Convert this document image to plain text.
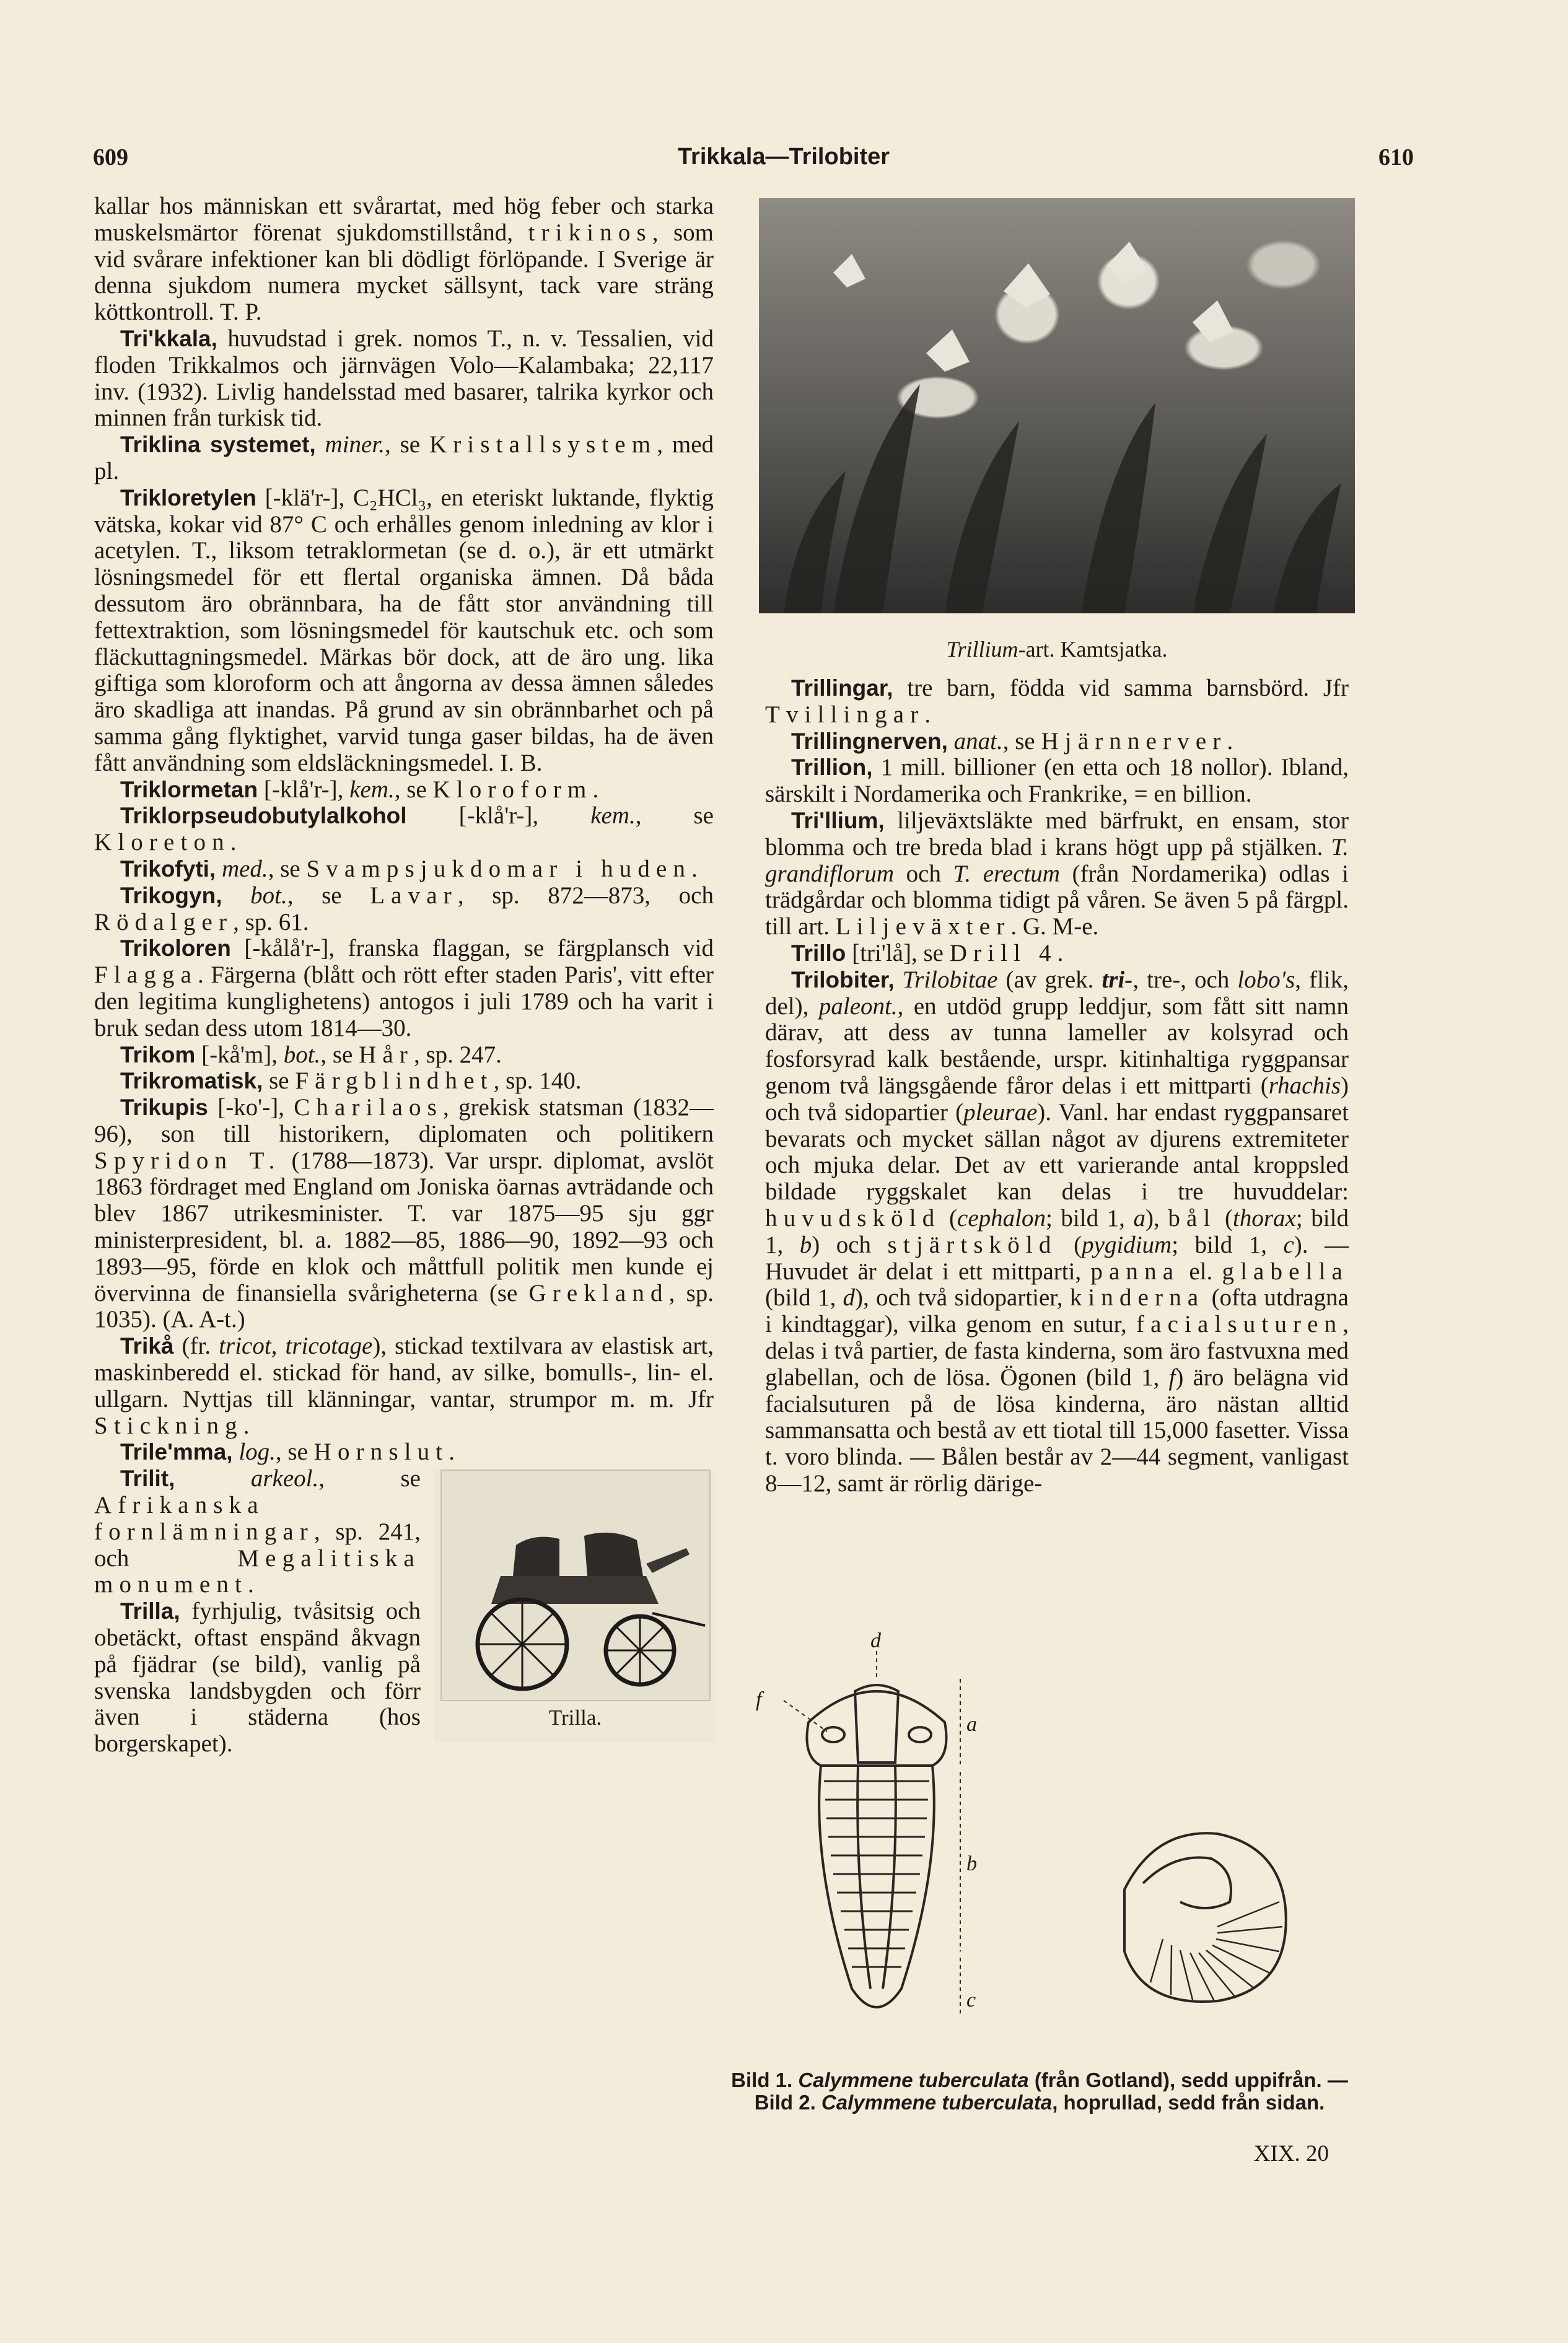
609	Trikkala—Trilobiter	610

kallar hos människan ett svårartat, med hög feber och starka muskelsmärtor förenat sjukdomstillstånd, trikinos, som vid svårare infektioner kan bli dödligt förlöpande. I Sverige är denna sjukdom numera mycket sällsynt, tack vare sträng köttkontroll. T. P.

Tri'kkala, huvudstad i grek. nomos T., n. v. Tessalien, vid floden Trikkalmos och järnvägen Volo—Kalambaka; 22,117 inv. (1932). Livlig handelsstad med basarer, talrika kyrkor och minnen från turkisk tid.

Triklina systemet, miner., se Kristallsystem, med pl.

Trikloretylen [-klä'r-], C₂HCl₃, en eteriskt luktande, flyktig vätska, kokar vid 87° C och erhålles genom inledning av klor i acetylen. T., liksom tetraklormetan (se d. o.), är ett utmärkt lösningsmedel för ett flertal organiska ämnen. Då båda dessutom äro obrännbara, ha de fått stor användning till fettextraktion, som lösningsmedel för kautschuk etc. och som fläckuttagningsmedel. Märkas bör dock, att de äro ung. lika giftiga som kloroform och att ångorna av dessa ämnen således äro skadliga att inandas. På grund av sin obrännbarhet och på samma gång flyktighet, varvid tunga gaser bildas, ha de även fått användning som eldsläckningsmedel. I. B.

Triklormetan [-klå'r-], kem., se Kloroform.

Triklorpseudobutylalkohol [-klå'r-], kem., se Kloreton.

Trikofyti, med., se Svampsjukdomar i huden.

Trikogyn, bot., se Lavar, sp. 872—873, och Rödalger, sp. 61.

Trikoloren [-kålå'r-], franska flaggan, se färgplansch vid Flagga. Färgerna (blått och rött efter staden Paris', vitt efter den legitima kunglighetens) antogos i juli 1789 och ha varit i bruk sedan dess utom 1814—30.

Trikom [-kå'm], bot., se Hår, sp. 247.

Trikromatisk, se Färgblindhet, sp. 140.

Trikupis [-ko'-], Charilaos, grekisk statsman (1832—96), son till historikern, diplomaten och politikern Spyridon T. (1788—1873). Var urspr. diplomat, avslöt 1863 fördraget med England om Joniska öarnas avträdande och blev 1867 utrikesminister. T. var 1875—95 sju ggr ministerpresident, bl. a. 1882—85, 1886—90, 1892—93 och 1893—95, förde en klok och måttfull politik men kunde ej övervinna de finansiella svårigheterna (se Grekland, sp. 1035). (A. A-t.)

Trikå (fr. tricot, tricotage), stickad textilvara av elastisk art, maskinberedd el. stickad för hand, av silke, bomulls-, lin- el. ullgarn. Nyttjas till klänningar, vantar, strumpor m. m. Jfr Stickning.

Trile'mma, log., se Hornslut.

Trilla.

Trilit, arkeol., se Afrikanska fornlämningar, sp. 241, och Megalitiska monument.

Trilla, fyrhjulig, tvåsitsig och obetäckt, oftast enspänd åkvagn på fjädrar (se bild), vanlig på svenska landsbygden och förr även i städerna (hos borgerskapet).

Trillium-art. Kamtsjatka.

Trillingar, tre barn, födda vid samma barnsbörd. Jfr Tvillingar.

Trillingnerven, anat., se Hjärnnerver.

Trillion, 1 mill. billioner (en etta och 18 nollor). Ibland, särskilt i Nordamerika och Frankrike, = en billion.

Tri'llium, liljeväxtsläkte med bärfrukt, en ensam, stor blomma och tre breda blad i krans högt upp på stjälken. T. grandiflorum och T. erectum (från Nordamerika) odlas i trädgårdar och blomma tidigt på våren. Se även 5 på färgpl. till art. Liljeväxter. G. M-e.

Trillo [tri'lå], se Drill 4.

Trilobiter, Trilobitae (av grek. tri-, tre-, och lobo's, flik, del), paleont., en utdöd grupp leddjur, som fått sitt namn därav, att dess av tunna lameller av kolsyrad och fosforsyrad kalk bestående, urspr. kitinhaltiga ryggpansar genom två längsgående fåror delas i ett mittparti (rhachis) och två sidopartier (pleurae). Vanl. har endast ryggpansaret bevarats och mycket sällan något av djurens extremiteter och mjuka delar. Det av ett varierande antal kroppsled bildade ryggskalet kan delas i tre huvuddelar: huvudsköld (cephalon; bild 1, a), bål (thorax; bild 1, b) och stjärtsköld (pygidium; bild 1, c). — Huvudet är delat i ett mittparti, panna el. glabella (bild 1, d), och två sidopartier, kinderna (ofta utdragna i kindtaggar), vilka genom en sutur, facialsuturen, delas i två partier, de fasta kinderna, som äro fastvuxna med glabellan, och de lösa. Ögonen (bild 1, f) äro belägna vid facialsuturen på de lösa kinderna, äro nästan alltid sammansatta och bestå av ett tiotal till 15,000 fasetter. Vissa t. voro blinda. — Bålen består av 2—44 segment, vanligast 8—12, samt är rörlig därige-

d
f
a
b
c
Bild 1. Calymmene tuberculata (från Gotland), sedd uppifrån. — Bild 2. Calymmene tuberculata, hoprullad, sedd från sidan.
XIX. 20
